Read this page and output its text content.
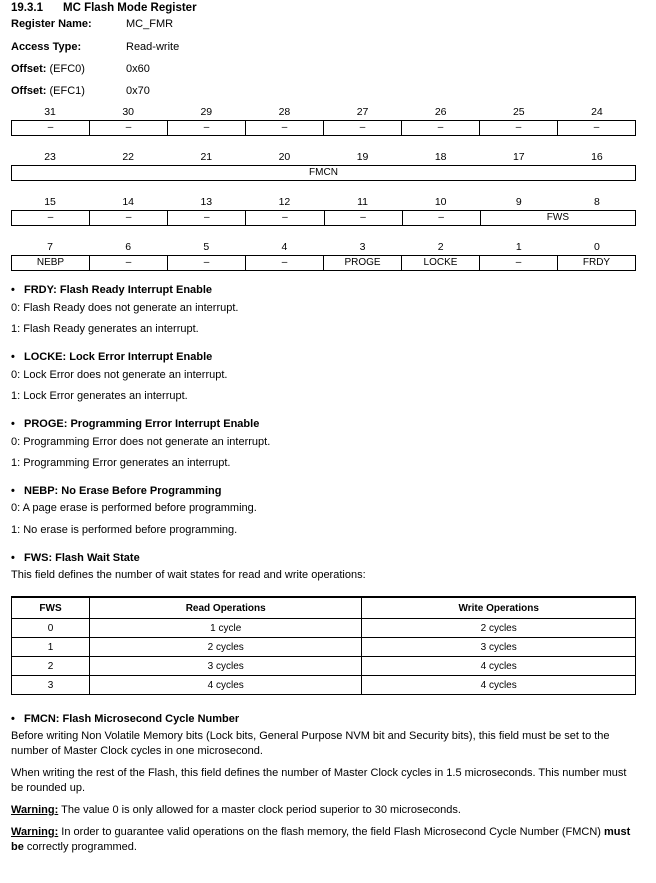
19.3.1 MC Flash Mode Register
Register Name:	MC_FMR
Access Type:	Read-write
Offset: (EFC0)	0x60
Offset: (EFC1)	0x70
31	30	29	28	27	26	25	24
–	–	–	–	–	–	–	–
23	22	21	20	19	18	17	16
FMCN
15	14	13	12	11	10	9	8
–	–	–	–	–	–	FWS
7	6	5	4	3	2	1	0
NEBP	–	–	–	PROGE	LOCKE	–	FRDY
• FRDY: Flash Ready Interrupt Enable
0: Flash Ready does not generate an interrupt.
1: Flash Ready generates an interrupt.
• LOCKE: Lock Error Interrupt Enable
0: Lock Error does not generate an interrupt.
1: Lock Error generates an interrupt.
• PROGE: Programming Error Interrupt Enable
0: Programming Error does not generate an interrupt.
1: Programming Error generates an interrupt.
• NEBP: No Erase Before Programming
0: A page erase is performed before programming.
1: No erase is performed before programming.
• FWS: Flash Wait State
This field defines the number of wait states for read and write operations:
FWS	Read Operations	Write Operations
0	1 cycle	2 cycles
1	2 cycles	3 cycles
2	3 cycles	4 cycles
3	4 cycles	4 cycles
• FMCN: Flash Microsecond Cycle Number
Before writing Non Volatile Memory bits (Lock bits, General Purpose NVM bit and Security bits), this field must be set to the number of Master Clock cycles in one microsecond.
When writing the rest of the Flash, this field defines the number of Master Clock cycles in 1.5 microseconds. This number must be rounded up.
Warning: The value 0 is only allowed for a master clock period superior to 30 microseconds.
Warning: In order to guarantee valid operations on the flash memory, the field Flash Microsecond Cycle Number (FMCN) must be correctly programmed.
